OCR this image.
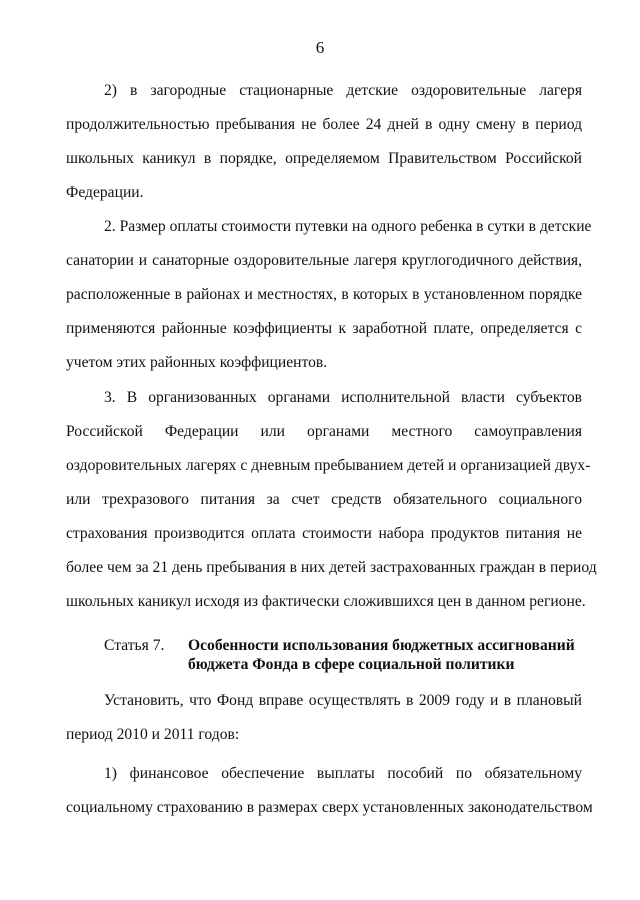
6
2) в загородные стационарные детские оздоровительные лагеря
продолжительностью пребывания не более 24 дней в одну смену в период
школьных каникул в порядке, определяемом Правительством Российской
Федерации.
2. Размер оплаты стоимости путевки на одного ребенка в сутки в детские
санатории и санаторные оздоровительные лагеря круглогодичного действия,
расположенные в районах и местностях, в которых в установленном порядке
применяются районные коэффициенты к заработной плате, определяется с
учетом этих районных коэффициентов.
3. В организованных органами исполнительной власти субъектов
Российской Федерации или органами местного самоуправления
оздоровительных лагерях с дневным пребыванием детей и организацией двух-
или трехразового питания за счет средств обязательного социального
страхования производится оплата стоимости набора продуктов питания не
более чем за 21 день пребывания в них детей застрахованных граждан в период
школьных каникул исходя из фактически сложившихся цен в данном регионе.
Статья 7. Особенности использования бюджетных ассигнований бюджета Фонда в сфере социальной политики
Установить, что Фонд вправе осуществлять в 2009 году и в плановый
период 2010 и 2011 годов:
1) финансовое обеспечение выплаты пособий по обязательному
социальному страхованию в размерах сверх установленных законодательством
